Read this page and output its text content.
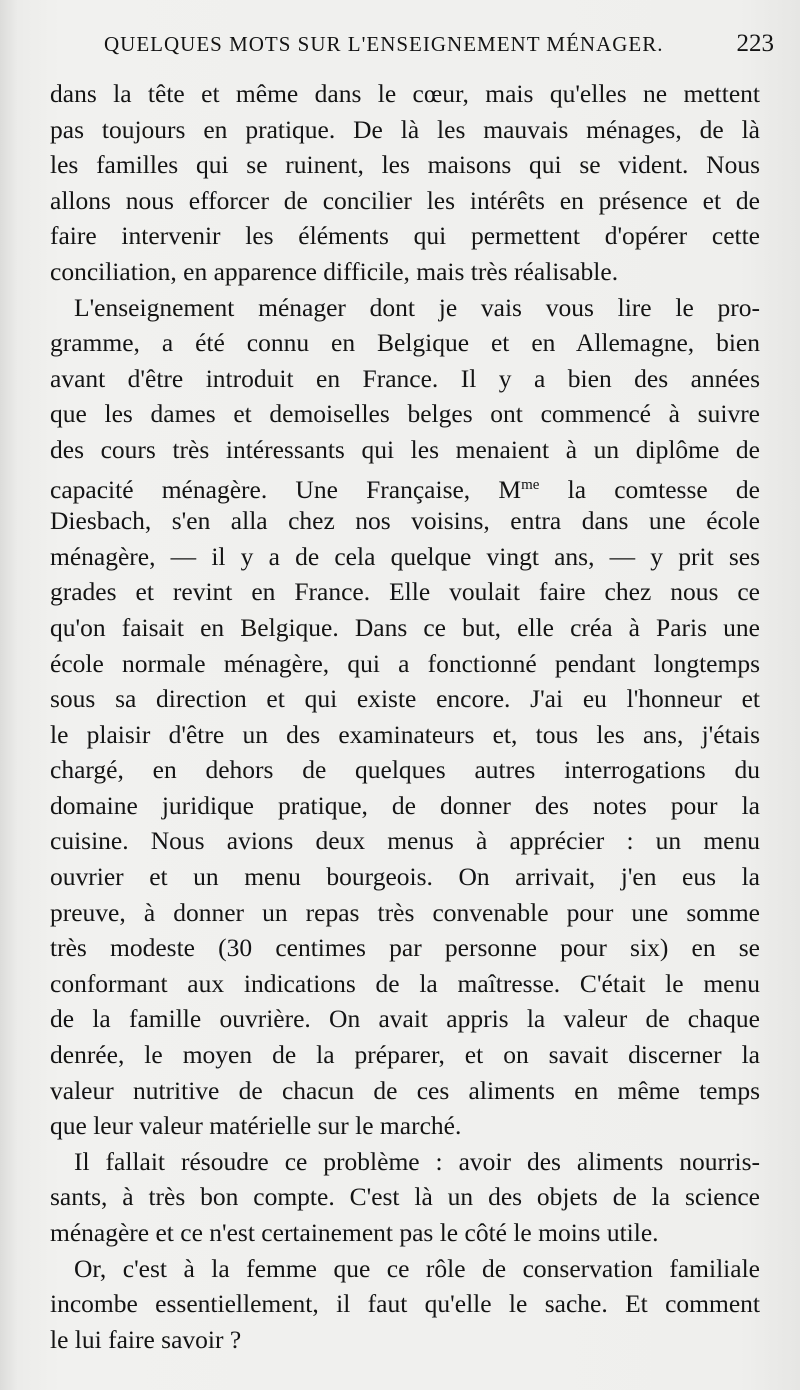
QUELQUES MOTS SUR L'ENSEIGNEMENT MÉNAGER.	223
dans la tête et même dans le cœur, mais qu'elles ne mettent
pas toujours en pratique. De là les mauvais ménages, de là
les familles qui se ruinent, les maisons qui se vident. Nous
allons nous efforcer de concilier les intérêts en présence et de
faire intervenir les éléments qui permettent d'opérer cette
conciliation, en apparence difficile, mais très réalisable.
L'enseignement ménager dont je vais vous lire le pro-
gramme, a été connu en Belgique et en Allemagne, bien
avant d'être introduit en France. Il y a bien des années
que les dames et demoiselles belges ont commencé à suivre
des cours très intéressants qui les menaient à un diplôme de
capacité ménagère. Une Française, $M^{me}$ la comtesse de
Diesbach, s'en alla chez nos voisins, entra dans une école
ménagère, — il y a de cela quelque vingt ans, — y prit ses
grades et revint en France. Elle voulait faire chez nous ce
qu'on faisait en Belgique. Dans ce but, elle créa à Paris une
école normale ménagère, qui a fonctionné pendant longtemps
sous sa direction et qui existe encore. J'ai eu l'honneur et
le plaisir d'être un des examinateurs et, tous les ans, j'étais
chargé, en dehors de quelques autres interrogations du
domaine juridique pratique, de donner des notes pour la
cuisine. Nous avions deux menus à apprécier : un menu
ouvrier et un menu bourgeois. On arrivait, j'en eus la
preuve, à donner un repas très convenable pour une somme
très modeste (30 centimes par personne pour six) en se
conformant aux indications de la maîtresse. C'était le menu
de la famille ouvrière. On avait appris la valeur de chaque
denrée, le moyen de la préparer, et on savait discerner la
valeur nutritive de chacun de ces aliments en même temps
que leur valeur matérielle sur le marché.
Il fallait résoudre ce problème : avoir des aliments nourris-
sants, à très bon compte. C'est là un des objets de la science
ménagère et ce n'est certainement pas le côté le moins utile.
Or, c'est à la femme que ce rôle de conservation familiale
incombe essentiellement, il faut qu'elle le sache. Et comment
le lui faire savoir ?
